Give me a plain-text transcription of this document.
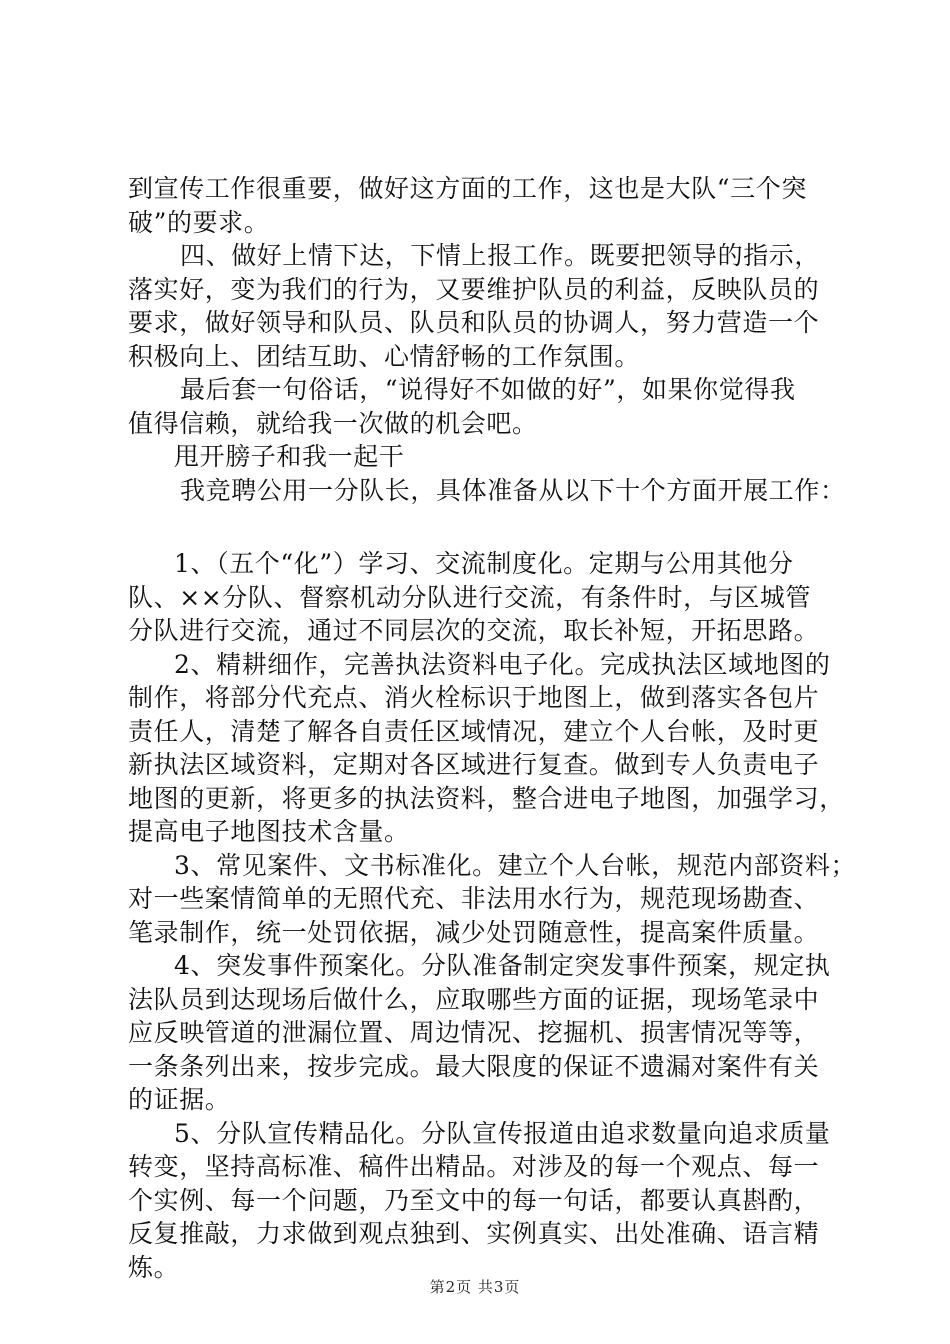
到宣传工作很重要，做好这方面的工作，这也是大队“三个突
破”的要求。
四、做好上情下达，下情上报工作。既要把领导的指示，
落实好，变为我们的行为，又要维护队员的利益，反映队员的
要求，做好领导和队员、队员和队员的协调人，努力营造一个
积极向上、团结互助、心情舒畅的工作氛围。
最后套一句俗话，“说得好不如做的好”，如果你觉得我
值得信赖，就给我一次做的机会吧。
甩开膀子和我一起干
我竞聘公用一分队长，具体准备从以下十个方面开展工作：
1、（五个“化”）学习、交流制度化。定期与公用其他分
队、××分队、督察机动分队进行交流，有条件时，与区城管
分队进行交流，通过不同层次的交流，取长补短，开拓思路。
2、精耕细作，完善执法资料电子化。完成执法区域地图的
制作，将部分代充点、消火栓标识于地图上，做到落实各包片
责任人，清楚了解各自责任区域情况，建立个人台帐，及时更
新执法区域资料，定期对各区域进行复查。做到专人负责电子
地图的更新，将更多的执法资料，整合进电子地图，加强学习，
提高电子地图技术含量。
3、常见案件、文书标准化。建立个人台帐，规范内部资料；
对一些案情简单的无照代充、非法用水行为，规范现场勘查、
笔录制作，统一处罚依据，减少处罚随意性，提高案件质量。
4、突发事件预案化。分队准备制定突发事件预案，规定执
法队员到达现场后做什么，应取哪些方面的证据，现场笔录中
应反映管道的泄漏位置、周边情况、挖掘机、损害情况等等，
一条条列出来，按步完成。最大限度的保证不遗漏对案件有关
的证据。
5、分队宣传精品化。分队宣传报道由追求数量向追求质量
转变，坚持高标准、稿件出精品。对涉及的每一个观点、每一
个实例、每一个问题，乃至文中的每一句话，都要认真斟酌，
反复推敲，力求做到观点独到、实例真实、出处准确、语言精
炼。
第2页 共3页
